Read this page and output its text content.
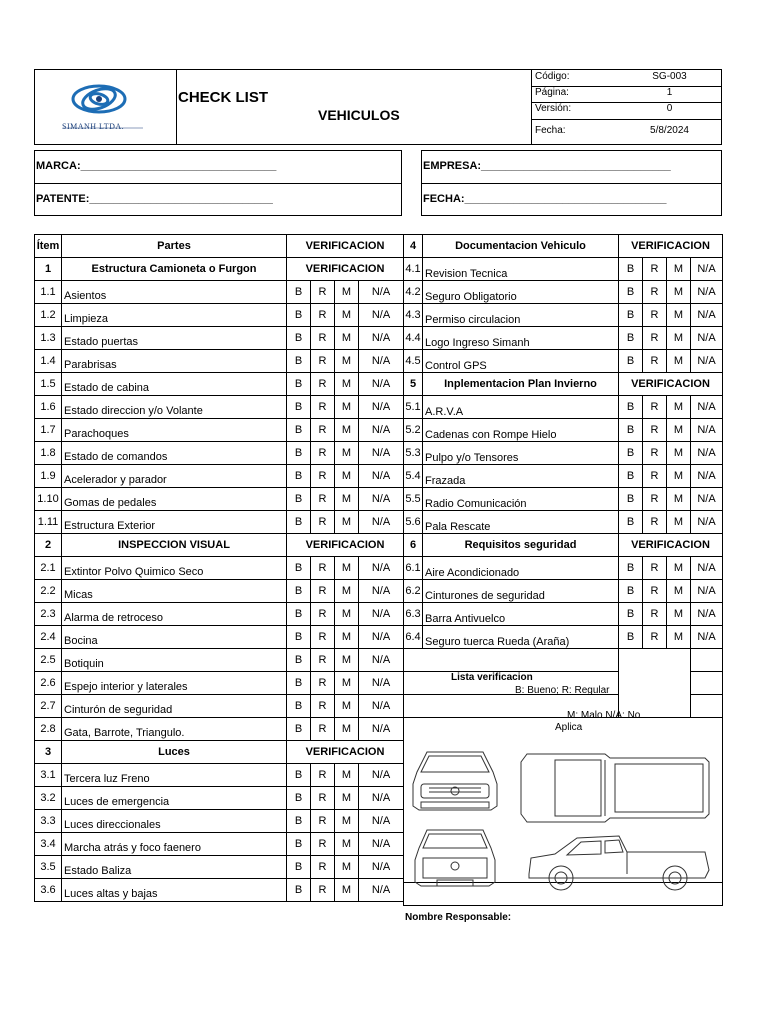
Código:	SG-003
Página:	1
Versión:	0
Fecha:	5/8/2024
SIMANH LTDA.
CHECK LIST
VEHICULOS
MARCA:________________________________
PATENTE:______________________________
EMPRESA:_______________________________
FECHA:_________________________________
Ítem	Partes	VERIFICACION			
1	Estructura Camioneta o Furgon	VERIFICACION			
1.1	Asientos	B	R	M	N/A
1.2	Limpieza	B	R	M	N/A
1.3	Estado puertas	B	R	M	N/A
1.4	Parabrisas	B	R	M	N/A
1.5	Estado de cabina	B	R	M	N/A
1.6	Estado direccion y/o Volante	B	R	M	N/A
1.7	Parachoques	B	R	M	N/A
1.8	Estado de comandos	B	R	M	N/A
1.9	Acelerador y parador	B	R	M	N/A
1.10	Gomas de pedales	B	R	M	N/A
1.11	Estructura Exterior	B	R	M	N/A
2	INSPECCION VISUAL	VERIFICACION			
2.1	Extintor Polvo Quimico Seco	B	R	M	N/A
2.2	Micas	B	R	M	N/A
2.3	Alarma de retroceso	B	R	M	N/A
2.4	Bocina	B	R	M	N/A
2.5	Botiquin	B	R	M	N/A
2.6	Espejo interior y laterales	B	R	M	N/A
2.7	Cinturón de seguridad	B	R	M	N/A
2.8	Gata, Barrote, Triangulo.	B	R	M	N/A
3	Luces	VERIFICACION			
3.1	Tercera luz Freno	B	R	M	N/A
3.2	Luces de emergencia	B	R	M	N/A
3.3	Luces direccionales	B	R	M	N/A
3.4	Marcha atrás y foco faenero	B	R	M	N/A
3.5	Estado Baliza	B	R	M	N/A
3.6	Luces altas y bajas	B	R	M	N/A
4	Documentacion Vehiculo	VERIFICACION			
4.1	Revision Tecnica	B	R	M	N/A
4.2	Seguro Obligatorio	B	R	M	N/A
4.3	Permiso circulacion	B	R	M	N/A
4.4	Logo Ingreso Simanh	B	R	M	N/A
4.5	Control GPS	B	R	M	N/A
5	Inplementacion Plan Invierno	VERIFICACION			
5.1	A.R.V.A	B	R	M	N/A
5.2	Cadenas con Rompe Hielo	B	R	M	N/A
5.3	Pulpo y/o Tensores	B	R	M	N/A
5.4	Frazada	B	R	M	N/A
5.5	Radio Comunicación	B	R	M	N/A
5.6	Pala Rescate	B	R	M	N/A
6	Requisitos seguridad	VERIFICACION			
6.1	Aire Acondicionado	B	R	M	N/A
6.2	Cinturones de seguridad	B	R	M	N/A
6.3	Barra Antivuelco	B	R	M	N/A
6.4	Seguro tuerca Rueda (Araña)	B	R	M	N/A

Lista verificacion
B: Bueno; R: Regular
M: Malo N/A: No
Aplica
Nombre Responsable:
